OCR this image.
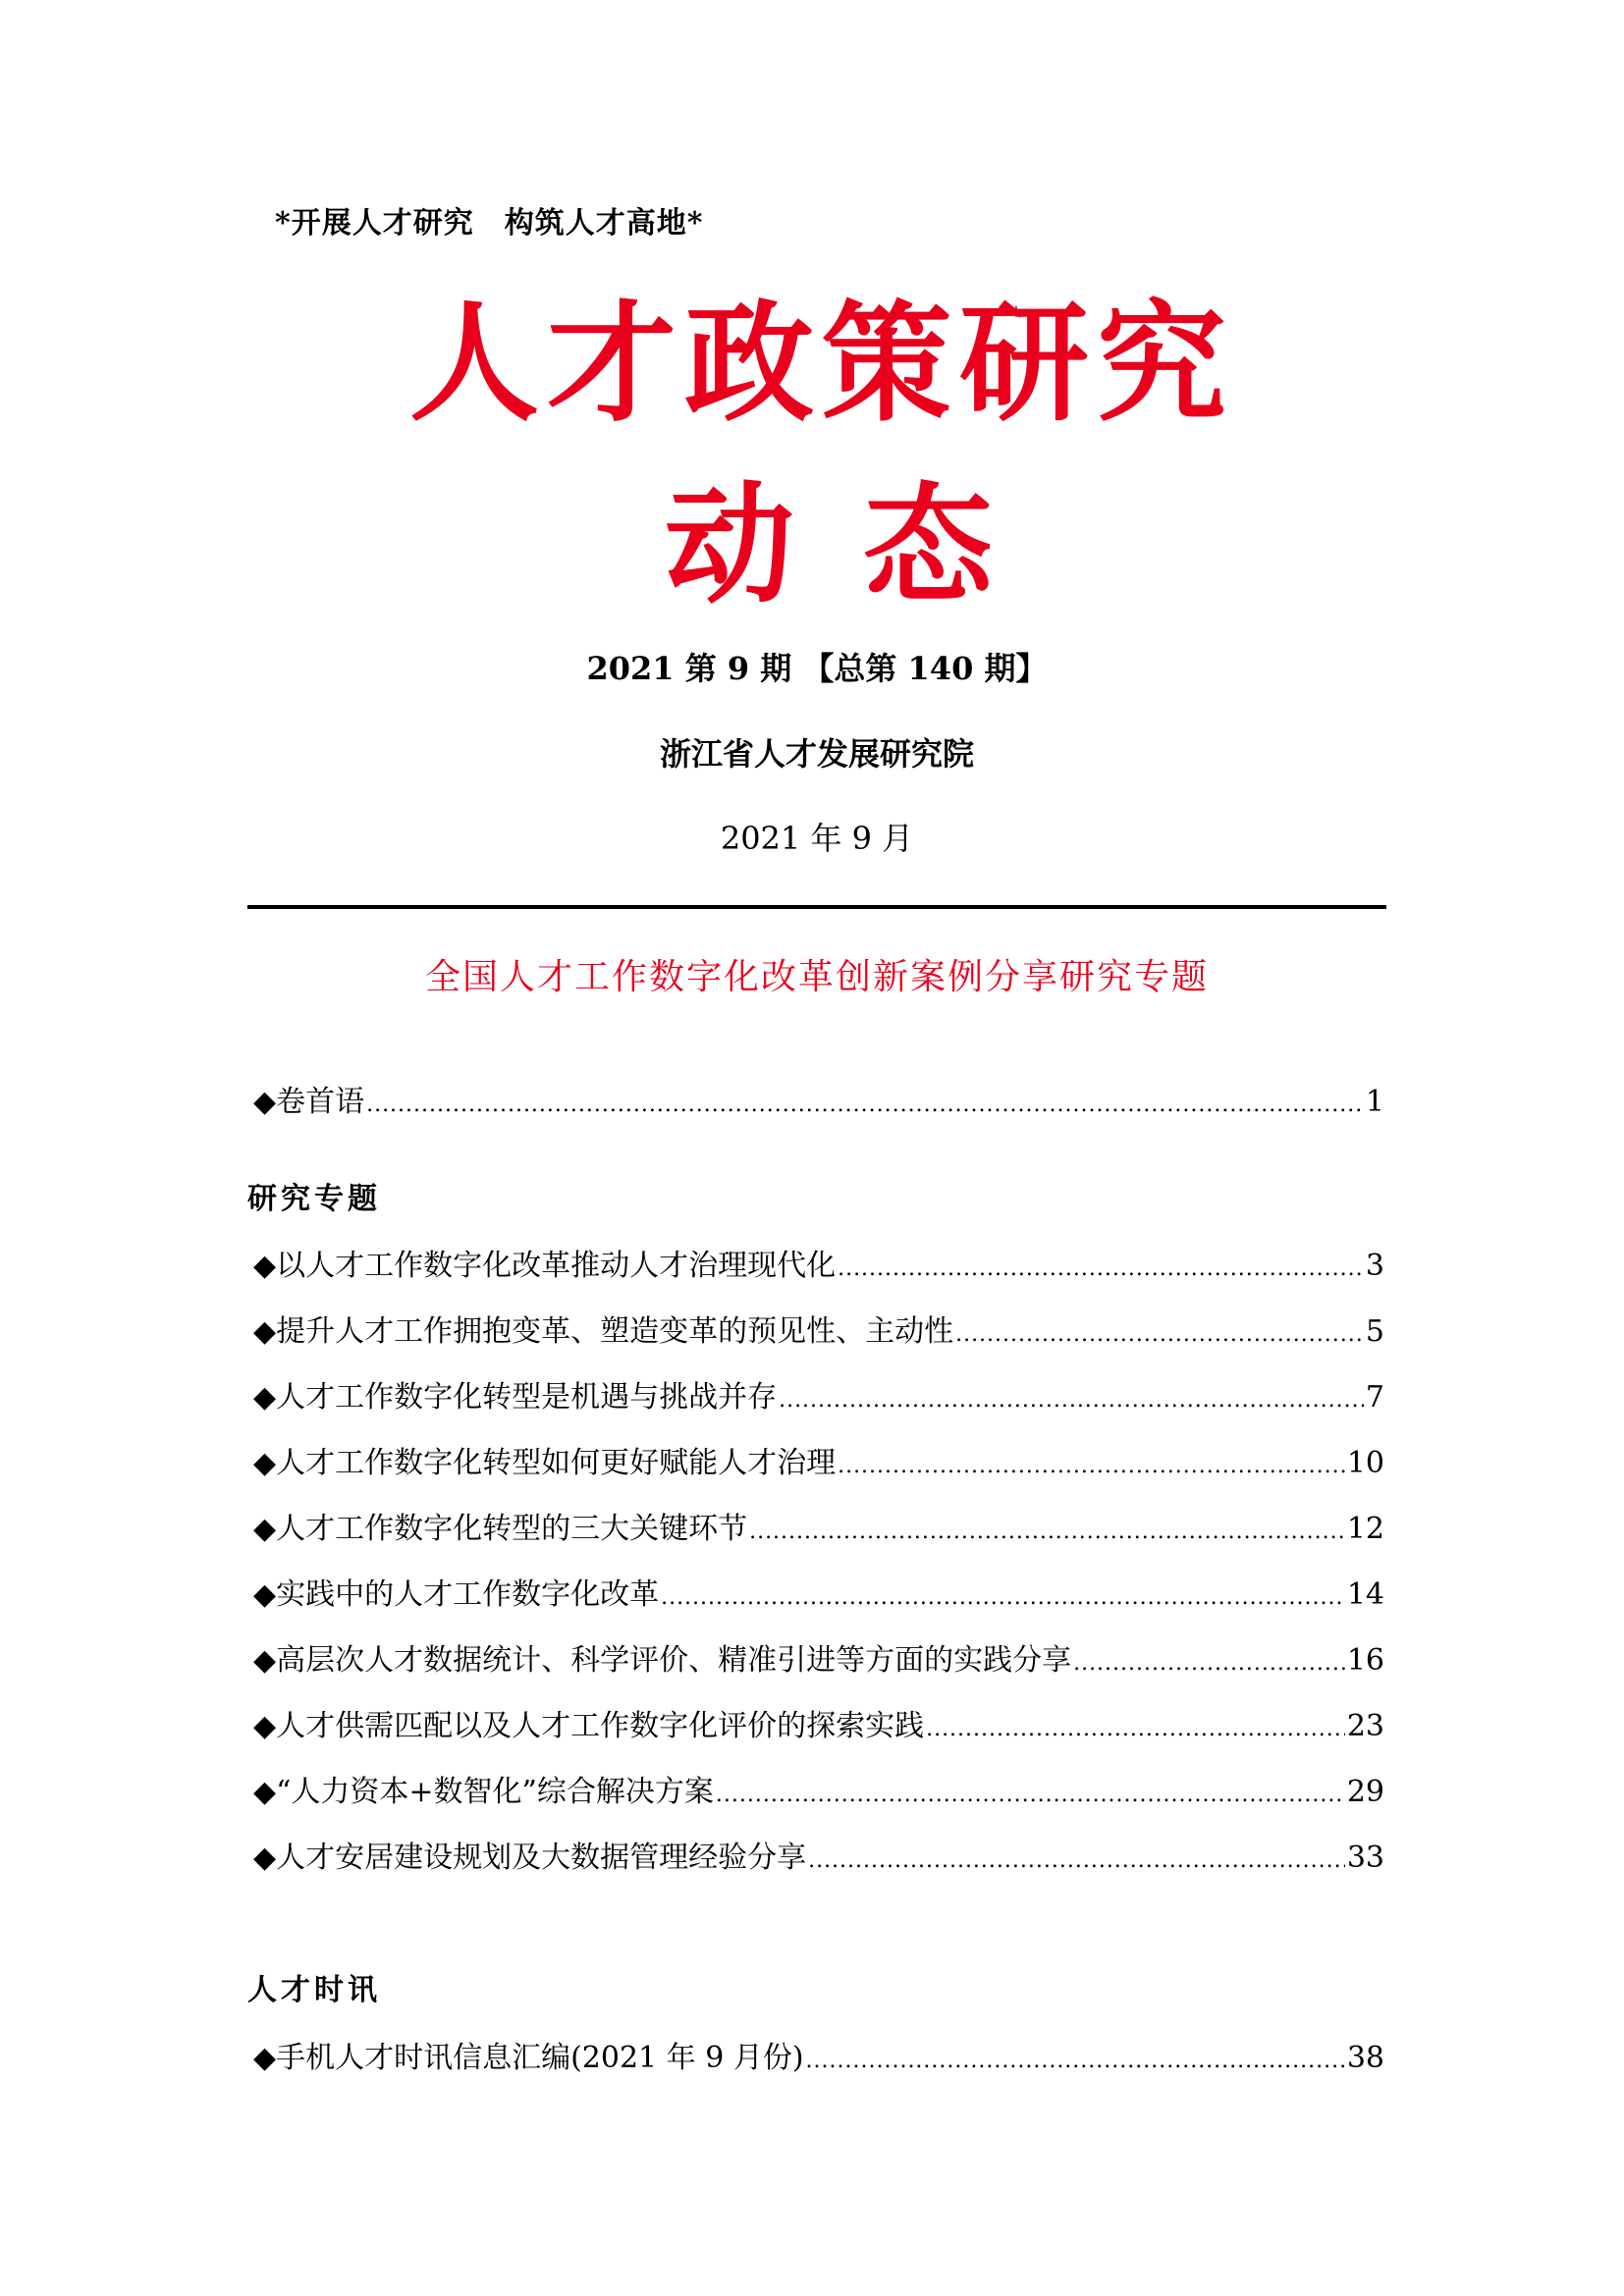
*开展人才研究　构筑人才高地*
人才政策研究
动态
2021 第 9 期 【总第 140 期】
浙江省人才发展研究院
2021 年 9 月
全国人才工作数字化改革创新案例分享研究专题
◆卷首语 .....	1
研究专题
◆以人才工作数字化改革推动人才治理现代化 .....	3
◆提升人才工作拥抱变革、塑造变革的预见性、主动性 .....	5
◆人才工作数字化转型是机遇与挑战并存 .....	7
◆人才工作数字化转型如何更好赋能人才治理 .....	10
◆人才工作数字化转型的三大关键环节 .....	12
◆实践中的人才工作数字化改革 .....	14
◆高层次人才数据统计、科学评价、精准引进等方面的实践分享 .....	16
◆人才供需匹配以及人才工作数字化评价的探索实践 .....	23
◆“人力资本+数智化”综合解决方案 .....	29
◆人才安居建设规划及大数据管理经验分享 .....	33
人才时讯
◆手机人才时讯信息汇编(2021 年 9 月份) .....	38
